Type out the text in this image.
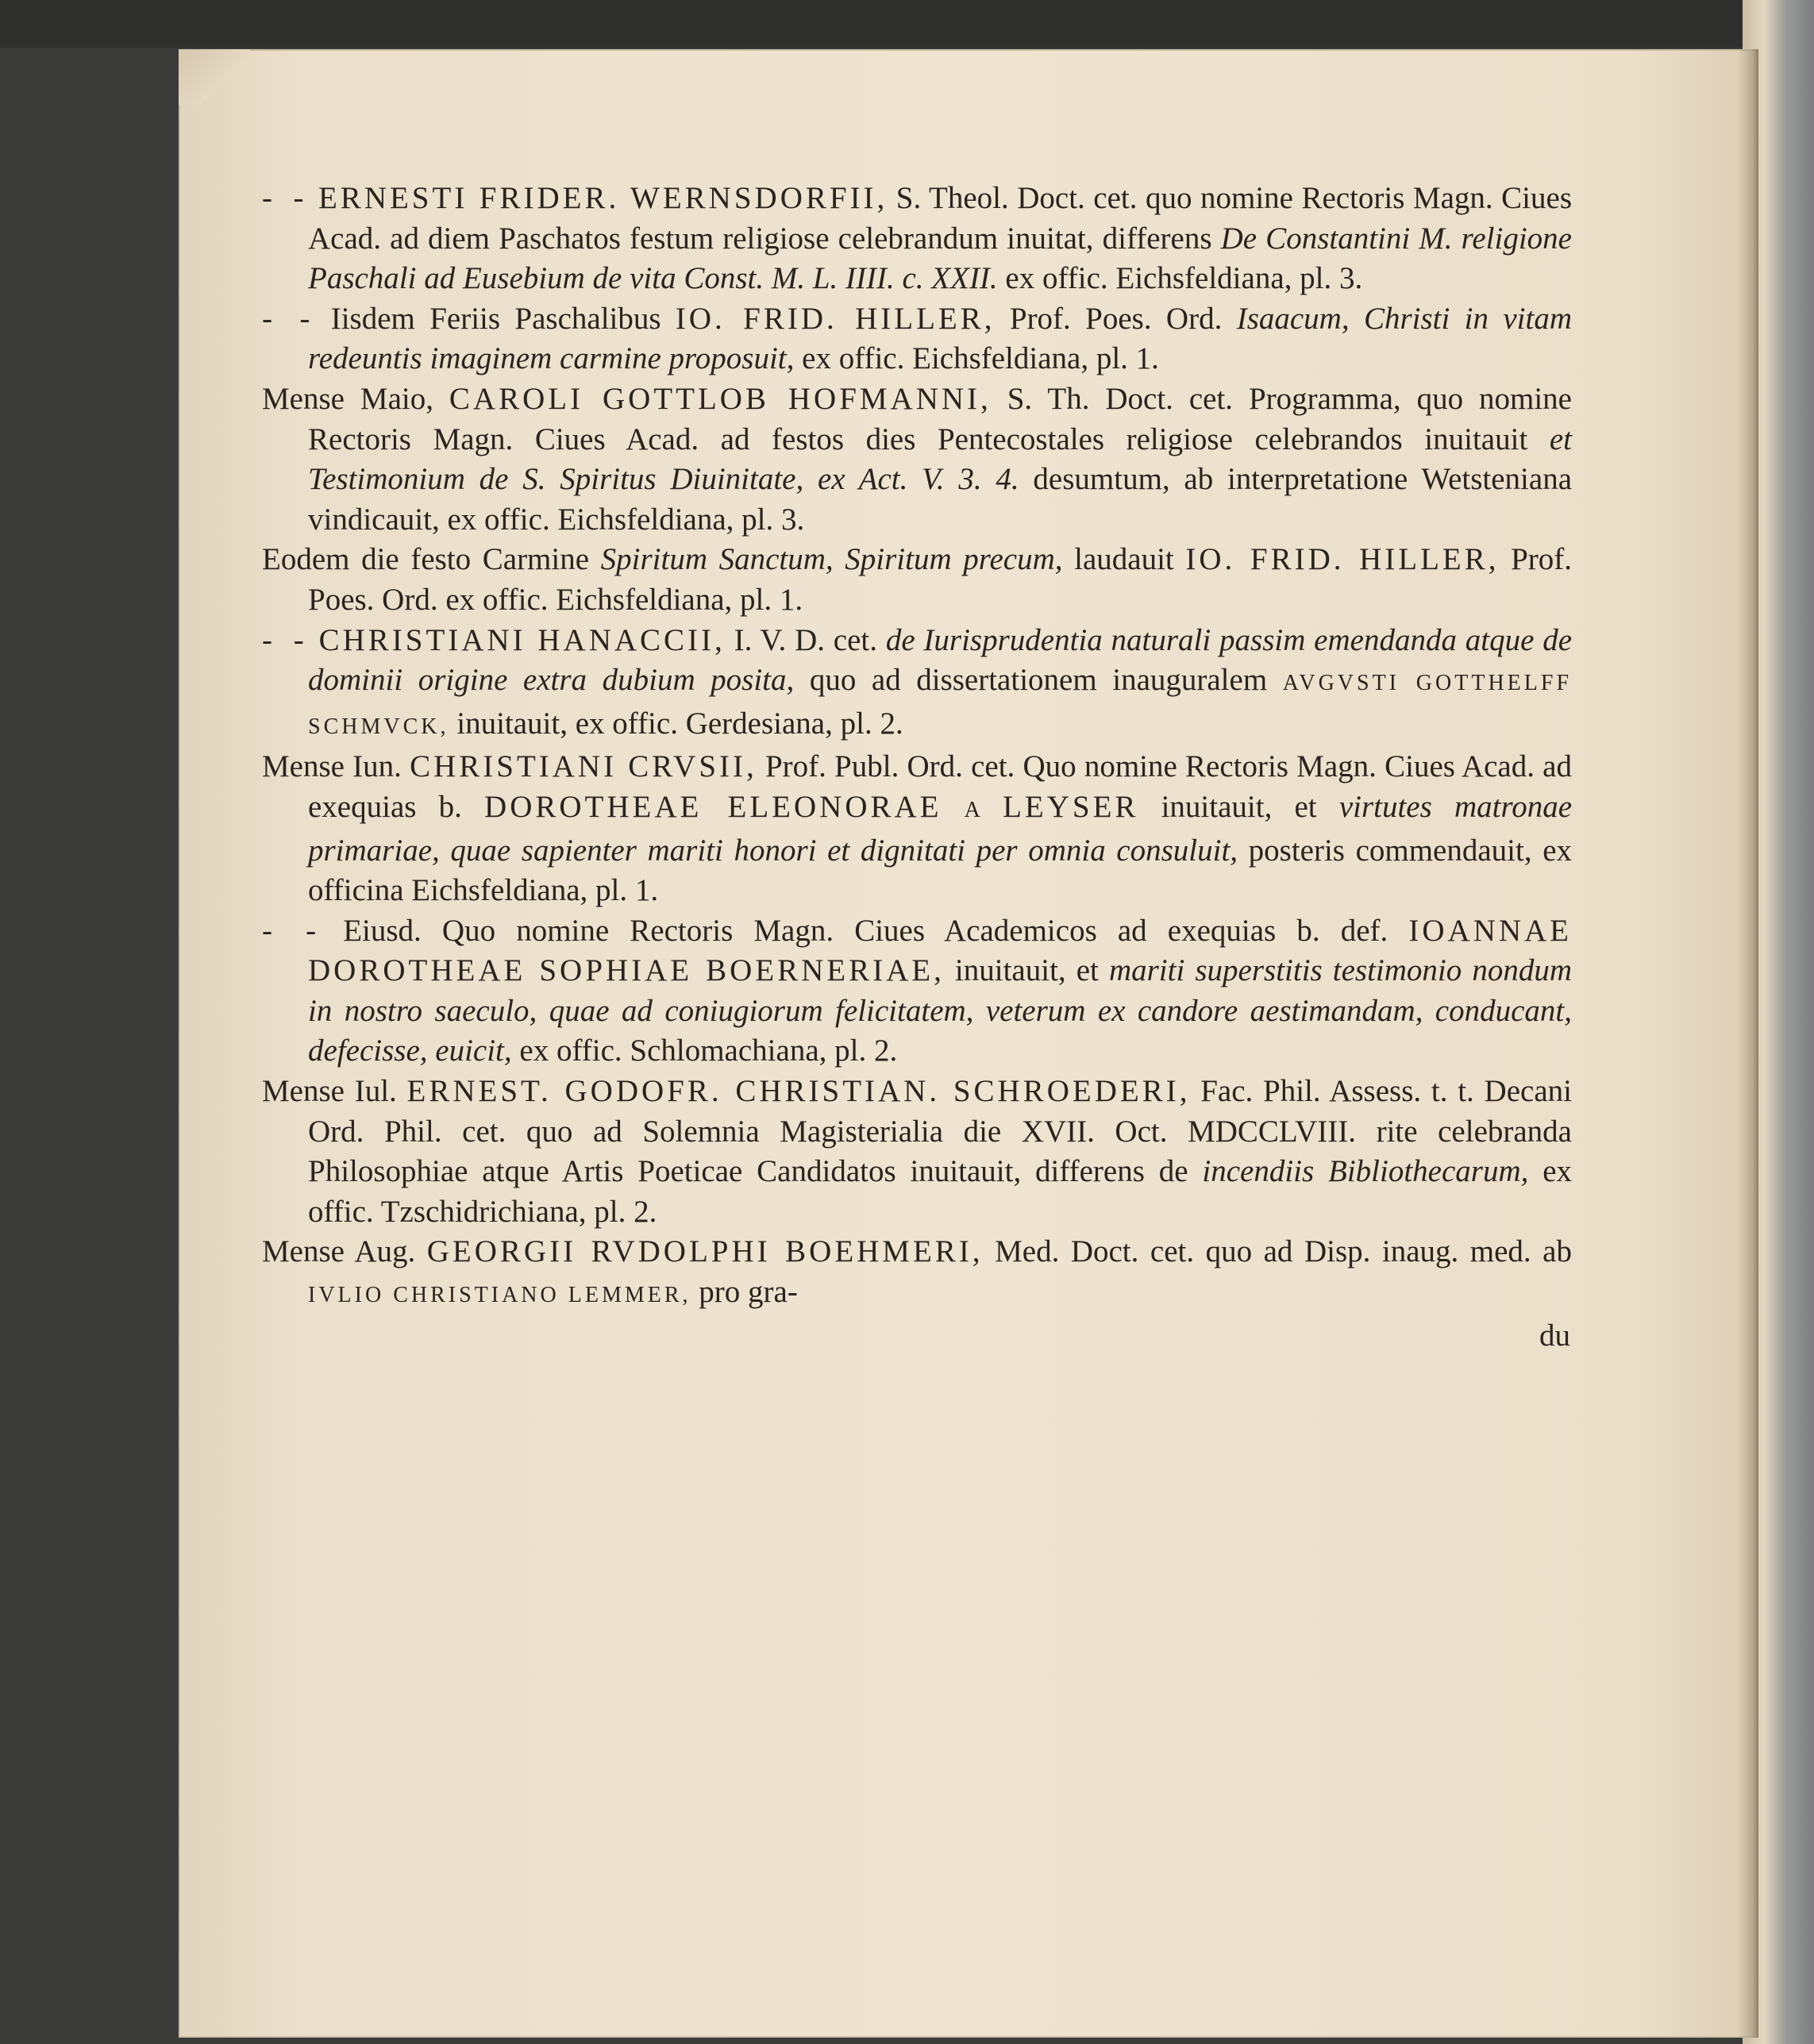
- - ERNESTI FRIDER. WERNSDORFII, S. Theol. Doct. cet. quo nomine Rectoris Magn. Ciues Acad. ad diem Paschatos festum religiose celebrandum inuitat, differens De Constantini M. religione Paschali ad Eusebium de vita Const. M. L. IIII. c. XXII. ex offic. Eichsfeldiana, pl. 3.
- - Iisdem Feriis Paschalibus IO. FRID. HILLER, Prof. Poes. Ord. Isaacum, Christi in vitam redeuntis imaginem carmine proposuit, ex offic. Eichsfeldiana, pl. 1.
Mense Maio, CAROLI GOTTLOB HOFMANNI, S. Th. Doct. cet. Programma, quo nomine Rectoris Magn. Ciues Acad. ad festos dies Pentecostales religiose celebrandos inuitauit et Testimonium de S. Spiritus Diuinitate, ex Act. V. 3. 4. desumtum, ab interpretatione Wetsteniana vindicauit, ex offic. Eichsfeldiana, pl. 3.
Eodem die festo Carmine Spiritum Sanctum, Spiritum precum, laudauit IO. FRID. HILLER, Prof. Poes. Ord. ex offic. Eichsfeldiana, pl. 1.
- - CHRISTIANI HANACCII, I. V. D. cet. de Iurisprudentia naturali passim emendanda atque de dominii origine extra dubium posita, quo ad dissertationem inauguralem AVGVSTI GOTTHELFF SCHMVCK, inuitauit, ex offic. Gerdesiana, pl. 2.
Mense Iun. CHRISTIANI CRVSII, Prof. Publ. Ord. cet. Quo nomine Rectoris Magn. Ciues Acad. ad exequias b. DOROTHEAE ELEONORAE A LEYSER inuitauit, et virtutes matronae primariae, quae sapienter mariti honori et dignitati per omnia consuluit, posteris commendauit, ex officina Eichsfeldiana, pl. 1.
- - Eiusd. Quo nomine Rectoris Magn. Ciues Academicos ad exequias b. def. IOANNAE DOROTHEAE SOPHIAE BOERNERIAE, inuitauit, et mariti superstitis testimonio nondum in nostro saeculo, quae ad coniugiorum felicitatem, veterum ex candore aestimandam, conducant, defecisse, euicit, ex offic. Schlomachiana, pl. 2.
Mense Iul. ERNEST. GODOFR. CHRISTIAN. SCHROEDERI, Fac. Phil. Assess. t. t. Decani Ord. Phil. cet. quo ad Solemnia Magisterialia die XVII. Oct. MDCCLVIII. rite celebranda Philosophiae atque Artis Poeticae Candidatos inuitauit, differens de incendiis Bibliothecarum, ex offic. Tzschidrichiana, pl. 2.
Mense Aug. GEORGII RVDOLPHI BOEHMERI, Med. Doct. cet. quo ad Disp. inaug. med. ab IVLIO CHRISTIANO LEMMER, pro gra-
du
